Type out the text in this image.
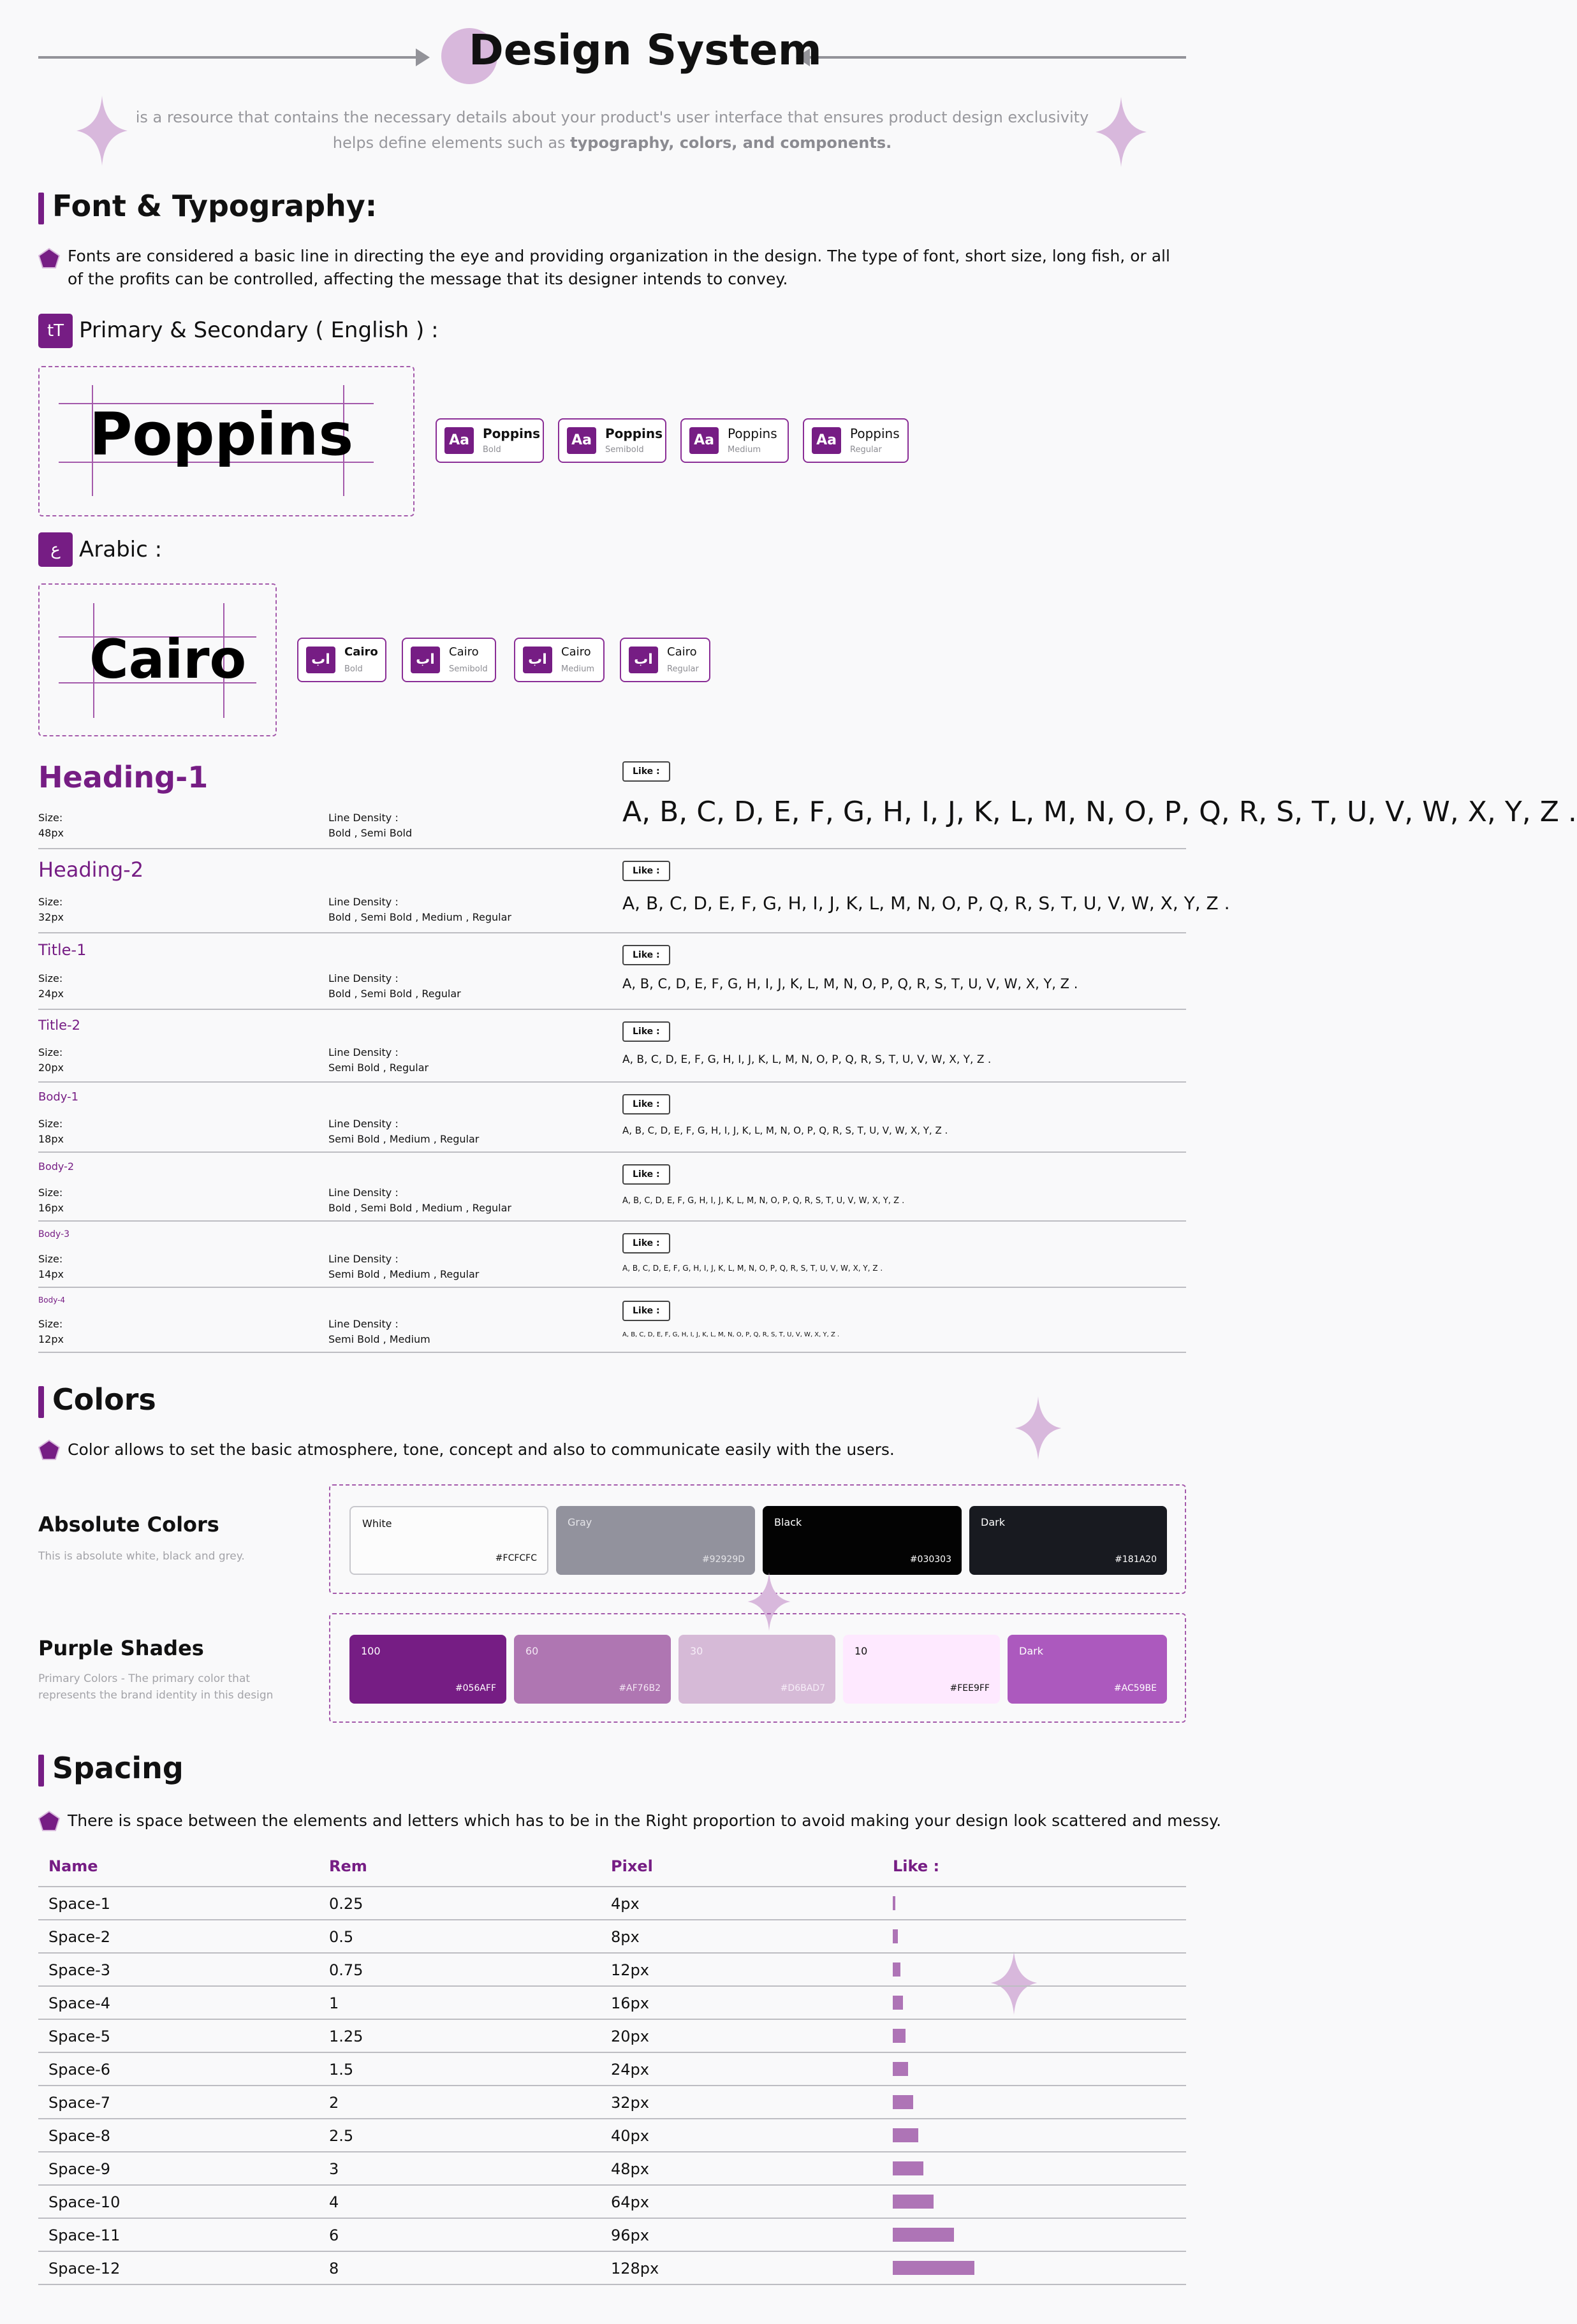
Design System
is a resource that contains the necessary details about your product's user interface that ensures product design exclusivity
helps define elements such as typography, colors, and components.
Font & Typography:
Fonts are considered a basic line in directing the eye and providing organization in the design. The type of font, short size, long fish, or all of the profits can be controlled, affecting the message that its designer intends to convey.
tT Primary & Secondary ( English ) :
Poppins	Aa	Poppins
Bold
Aa	Poppins
Semibold
Aa	Poppins
Medium
Aa	Poppins
Regular
ع Arabic :
Cairo	اب	Cairo
Bold
اب	Cairo
Semibold
اب	Cairo
Medium
اب	Cairo
Regular
Heading-1
Size:
48px
Line Density :
Bold , Semi Bold
Like :
A, B, C, D, E, F, G, H, I, J, K, L, M, N, O, P, Q, R, S, T, U, V, W, X, Y, Z .
Heading-2
Size:
32px
Line Density :
Bold , Semi Bold , Medium , Regular
Like :
A, B, C, D, E, F, G, H, I, J, K, L, M, N, O, P, Q, R, S, T, U, V, W, X, Y, Z .
Title-1
Size:
24px
Line Density :
Bold , Semi Bold , Regular
Like :
A, B, C, D, E, F, G, H, I, J, K, L, M, N, O, P, Q, R, S, T, U, V, W, X, Y, Z .
Title-2
Size:
20px
Line Density :
Semi Bold , Regular
Like :
A, B, C, D, E, F, G, H, I, J, K, L, M, N, O, P, Q, R, S, T, U, V, W, X, Y, Z .
Body-1
Size:
18px
Line Density :
Semi Bold , Medium , Regular
Like :
A, B, C, D, E, F, G, H, I, J, K, L, M, N, O, P, Q, R, S, T, U, V, W, X, Y, Z .
Body-2
Size:
16px
Line Density :
Bold , Semi Bold , Medium , Regular
Like :
A, B, C, D, E, F, G, H, I, J, K, L, M, N, O, P, Q, R, S, T, U, V, W, X, Y, Z .
Body-3
Size:
14px
Line Density :
Semi Bold , Medium , Regular
Like :
A, B, C, D, E, F, G, H, I, J, K, L, M, N, O, P, Q, R, S, T, U, V, W, X, Y, Z .
Body-4
Size:
12px
Line Density :
Semi Bold , Medium
Like :
A, B, C, D, E, F, G, H, I, J, K, L, M, N, O, P, Q, R, S, T, U, V, W, X, Y, Z .
Colors
Color allows to set the basic atmosphere, tone, concept and also to communicate easily with the users.
Absolute Colors
This is absolute white, black and grey.
White
#FCFCFC
Gray
#92929D
Black
#030303
Dark
#181A20
Purple Shades
Primary Colors - The primary color that
represents the brand identity in this design
100
#056AFF
60
#AF76B2
30
#D6BAD7
10
#FEE9FF
Dark
#AC59BE
Spacing
There is space between the elements and letters which has to be in the Right proportion to avoid making your design look scattered and messy.
Name	Rem	Pixel	Like :
Space-1	0.25	4px
Space-2	0.5	8px
Space-3	0.75	12px
Space-4	1	16px
Space-5	1.25	20px
Space-6	1.5	24px
Space-7	2	32px
Space-8	2.5	40px
Space-9	3	48px
Space-10	4	64px
Space-11	6	96px
Space-12	8	128px
